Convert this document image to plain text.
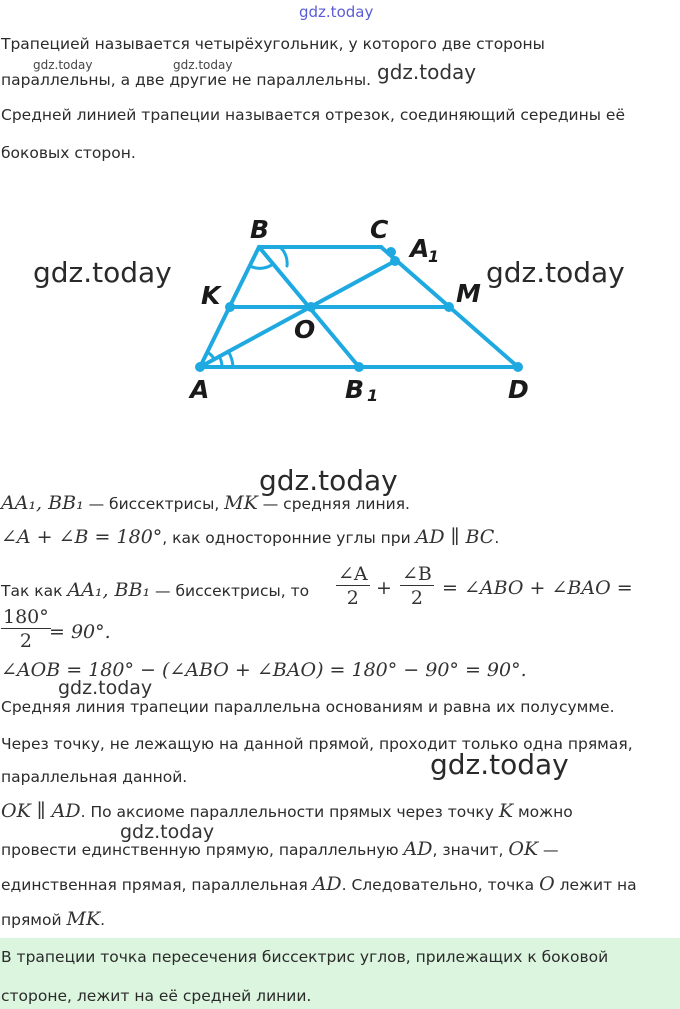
gdz.today
Трапецией называется четырёхугольник, у которого две стороны
gdz.today	gdz.today
параллельны, а две другие не параллельны. gdz.today
Средней линией трапеции называется отрезок, соединяющий середины её
боковых сторон.
B	C
A
1
K	M
O
A	B 1	D
gdz.today	gdz.today
gdz.today
AA₁, BB₁ — биссектрисы, MK — средняя линия.
∠A + ∠B = 180°, как односторонние углы при AD ∥ BC.
Так как AA₁, BB₁ — биссектрисы, то $\frac{\angle A}{2} + \frac{\angle B}{2}$ = ∠ABO + ∠BAO =
$\frac{180^\circ}{2}$
= 90°.
∠AOB = 180° − (∠ABO + ∠BAO) = 180° − 90° = 90°.
gdz.today
Средняя линия трапеции параллельна основаниям и равна их полусумме.
Через точку, не лежащую на данной прямой, проходит только одна прямая,
параллельная данной.	gdz.today
OK ∥ AD. По аксиоме параллельности прямых через точку K можно
gdz.today
провести единственную прямую, параллельную AD, значит, OK —
единственная прямая, параллельная AD. Следовательно, точка O лежит на
прямой MK.
В трапеции точка пересечения биссектрис углов, прилежащих к боковой
стороне, лежит на её средней линии.
